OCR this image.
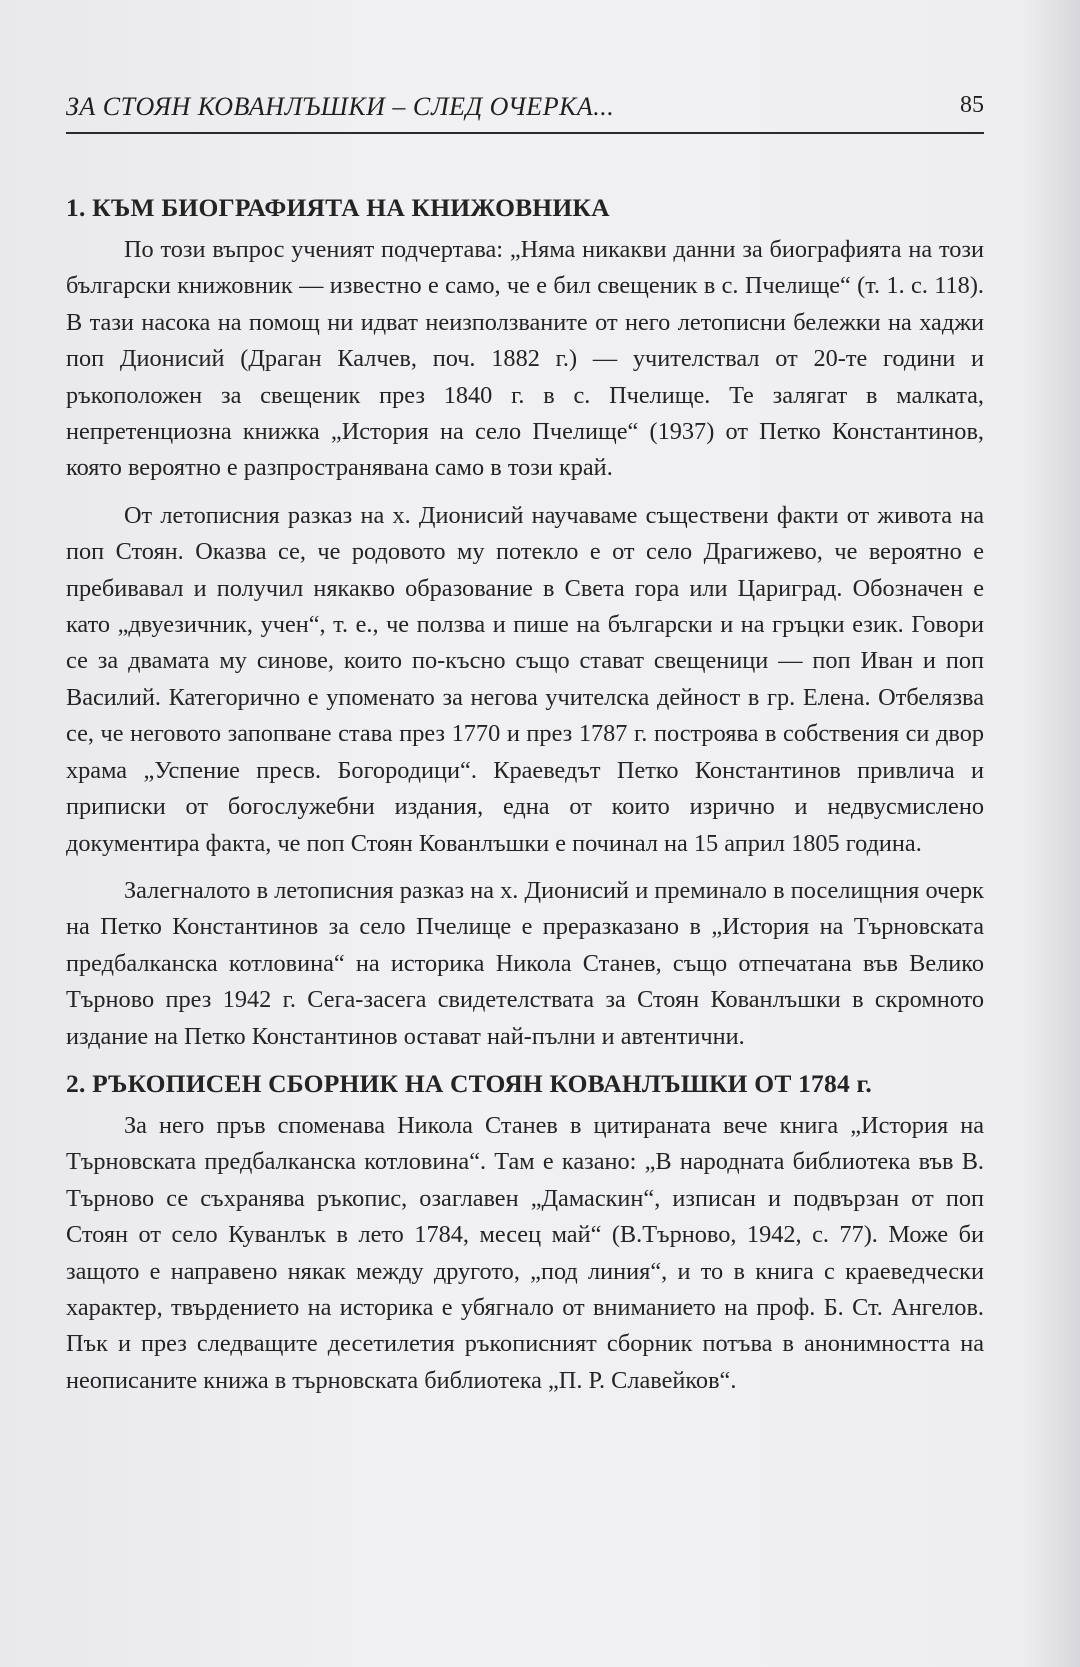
ЗА СТОЯН КОВАНЛЪШКИ – СЛЕД ОЧЕРКА...	85
1. КЪМ БИОГРАФИЯТА НА КНИЖОВНИКА

По този въпрос ученият подчертава: „Няма никакви данни за биографията на този български книжовник — известно е само, че е бил свещеник в с. Пчелище“ (т. 1. с. 118). В тази насока на помощ ни идват неизползваните от него летописни бележки на хаджи поп Дионисий (Драган Калчев, поч. 1882 г.) — учителствал от 20-те години и ръкоположен за свещеник през 1840 г. в с. Пчелище. Те залягат в малката, непретенциозна книжка „История на село Пчелище“ (1937) от Петко Константинов, която вероятно е разпространявана само в този край.

От летописния разказ на х. Дионисий научаваме съществени факти от живота на поп Стоян. Оказва се, че родовото му потекло е от село Драгижево, че вероятно е пребивавал и получил някакво образование в Света гора или Цариград. Обозначен е като „двуезичник, учен“, т. е., че ползва и пише на български и на гръцки език. Говори се за двамата му синове, които по-късно също стават свещеници — поп Иван и поп Василий. Категорично е упоменато за негова учителска дейност в гр. Елена. Отбелязва се, че неговото запопване става през 1770 и през 1787 г. построява в собствения си двор храма „Успение пресв. Богородици“. Краеведът Петко Константинов привлича и приписки от богослужебни издания, една от които изрично и недвусмислено документира факта, че поп Стоян Кованлъшки е починал на 15 април 1805 година.

Залегналото в летописния разказ на х. Дионисий и преминало в поселищния очерк на Петко Константинов за село Пчелище е преразказано в „История на Търновската предбалканска котловина“ на историка Никола Станев, също отпечатана във Велико Търново през 1942 г. Сега-засега свидетелствата за Стоян Кованлъшки в скромното издание на Петко Константинов остават най-пълни и автентични.

2. РЪКОПИСЕН СБОРНИК НА СТОЯН КОВАНЛЪШКИ ОТ 1784 г.

За него пръв споменава Никола Станев в цитираната вече книга „История на Търновската предбалканска котловина“. Там е казано: „В народната библиотека във В. Търново се съхранява ръкопис, озаглавен „Дамаскин“, изписан и подвързан от поп Стоян от село Куванлък в лето 1784, месец май“ (В.Търново, 1942, с. 77). Може би защото е направено някак между другото, „под линия“, и то в книга с краеведчески характер, твърдението на историка е убягнало от вниманието на проф. Б. Ст. Ангелов. Пък и през следващите десетилетия ръкописният сборник потъва в анонимността на неописаните книжа в търновската библиотека „П. Р. Славейков“.
